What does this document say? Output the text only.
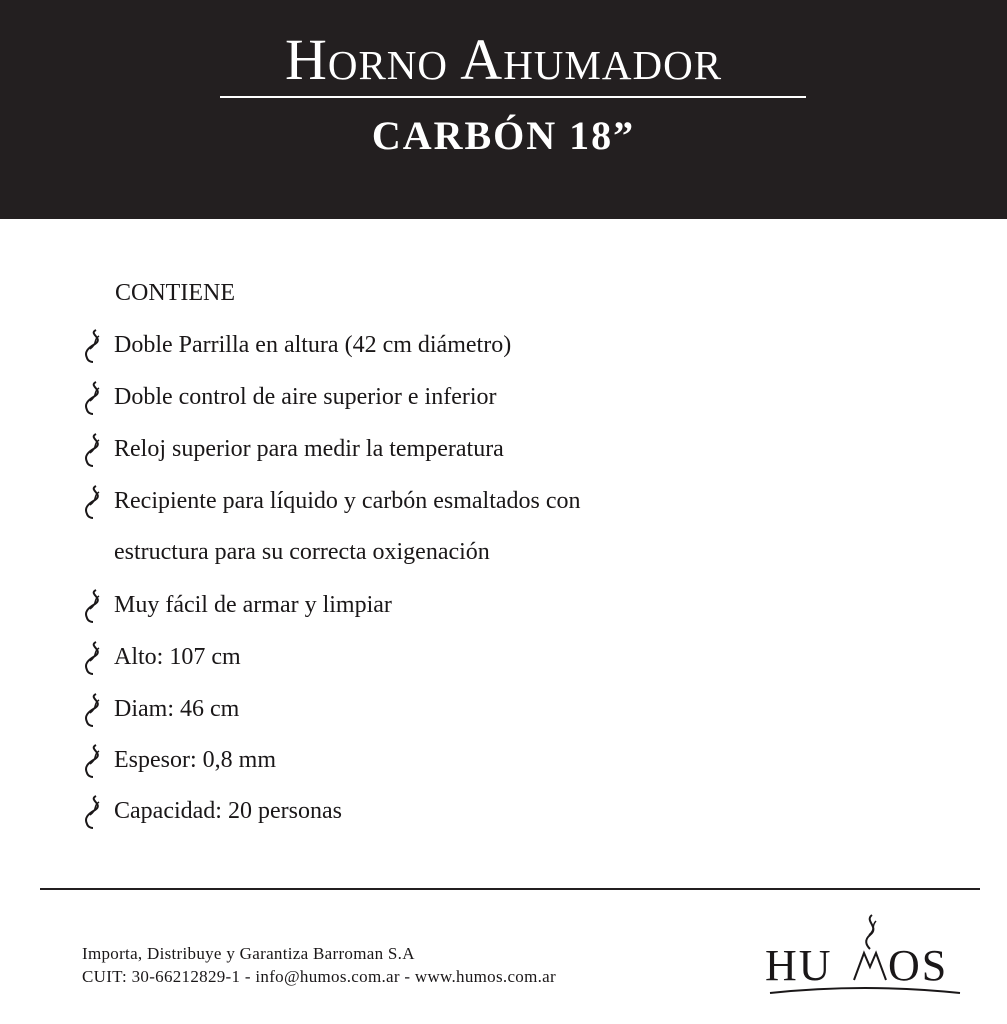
Horno Ahumador
CARBÓN 18”
CONTIENE
Doble Parrilla en altura (42 cm diámetro)
Doble control de aire superior e inferior
Reloj superior para medir la temperatura
Recipiente para líquido y carbón esmaltados con
estructura para su correcta oxigenación
Muy fácil de armar y limpiar
Alto: 107 cm
Diam: 46 cm
Espesor: 0,8 mm
Capacidad: 20 personas
Importa, Distribuye y Garantiza Barroman S.A
CUIT: 30-66212829-1 - info@humos.com.ar - www.humos.com.ar	HU OS
